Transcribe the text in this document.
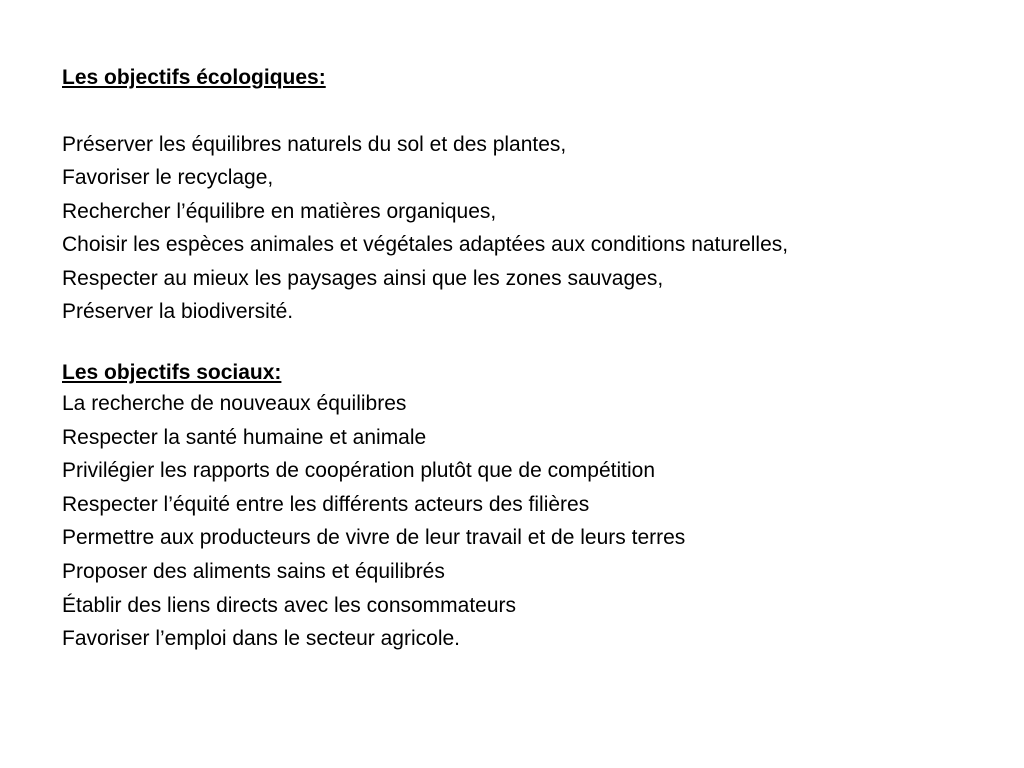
Les objectifs écologiques:
Préserver les équilibres naturels du sol et des plantes,
Favoriser le recyclage,
Rechercher l’équilibre en matières organiques,
Choisir les espèces animales et végétales adaptées aux conditions naturelles,
Respecter au mieux les paysages ainsi que les zones sauvages,
Préserver la biodiversité.
Les objectifs sociaux:
La recherche de nouveaux équilibres
Respecter la santé humaine et animale
Privilégier les rapports de coopération plutôt que de compétition
Respecter l’équité entre les différents acteurs des filières
Permettre aux producteurs de vivre de leur travail et de leurs terres
Proposer des aliments sains et équilibrés
Établir des liens directs avec les consommateurs
Favoriser l’emploi dans le secteur agricole.
